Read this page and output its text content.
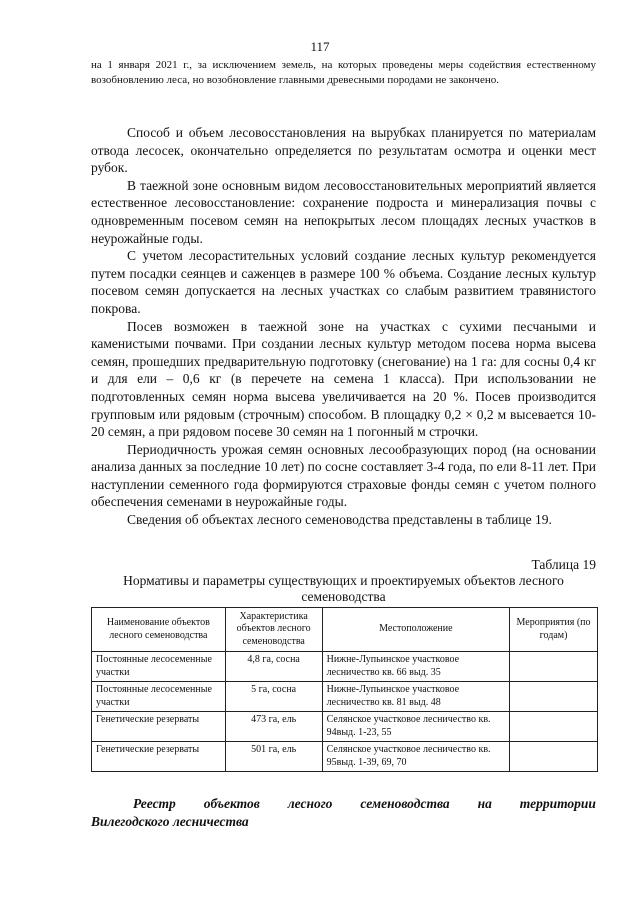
117

на 1 января 2021 г., за исключением земель, на которых проведены меры содействия естественному возобновлению леса, но возобновление главными древесными породами не закончено.

Способ и объем лесовосстановления на вырубках планируется по материалам отвода лесосек, окончательно определяется по результатам осмотра и оценки мест рубок.

В таежной зоне основным видом лесовосстановительных мероприятий является естественное лесовосстановление: сохранение подроста и минерализация почвы с одновременным посевом семян на непокрытых лесом площадях лесных участков в неурожайные годы.

С учетом лесорастительных условий создание лесных культур рекомендуется путем посадки сеянцев и саженцев в размере 100 % объема. Создание лесных культур посевом семян допускается на лесных участках со слабым развитием травянистого покрова.

Посев возможен в таежной зоне на участках с сухими песчаными и каменистыми почвами. При создании лесных культур методом посева норма высева семян, прошедших предварительную подготовку (снегование) на 1 га: для сосны 0,4 кг и для ели – 0,6 кг (в перечете на семена 1 класса). При использовании не подготовленных семян норма высева увеличивается на 20 %. Посев производится групповым или рядовым (строчным) способом. В площадку 0,2 × 0,2 м высевается 10-20 семян, а при рядовом посеве 30 семян на 1 погонный м строчки.

Периодичность урожая семян основных лесообразующих пород (на основании анализа данных за последние 10 лет) по сосне составляет 3-4 года, по ели 8-11 лет. При наступлении семенного года формируются страховые фонды семян с учетом полного обеспечения семенами в неурожайные годы.

Сведения об объектах лесного семеноводства представлены в таблице 19.

Таблица 19
Нормативы и параметры существующих и проектируемых объектов лесного семеноводства
Наименование объектов лесного семеноводства	Характеристика объектов лесного семеноводства	Местоположение	Мероприятия (по годам)
Постоянные лесосеменные участки	4,8 га, сосна	Нижне-Лупьинское участковое лесничество кв. 66 выд. 35	
Постоянные лесосеменные участки	5 га, сосна	Нижне-Лупьинское участковое лесничество кв. 81 выд. 48	
Генетические резерваты	473 га, ель	Селянское участковое лесничество кв. 94выд. 1-23, 55	
Генетические резерваты	501 га, ель	Селянское участковое лесничество кв. 95выд. 1-39, 69, 70	
Реестр объектов лесного семеноводства на территории
Вилегодского лесничества
